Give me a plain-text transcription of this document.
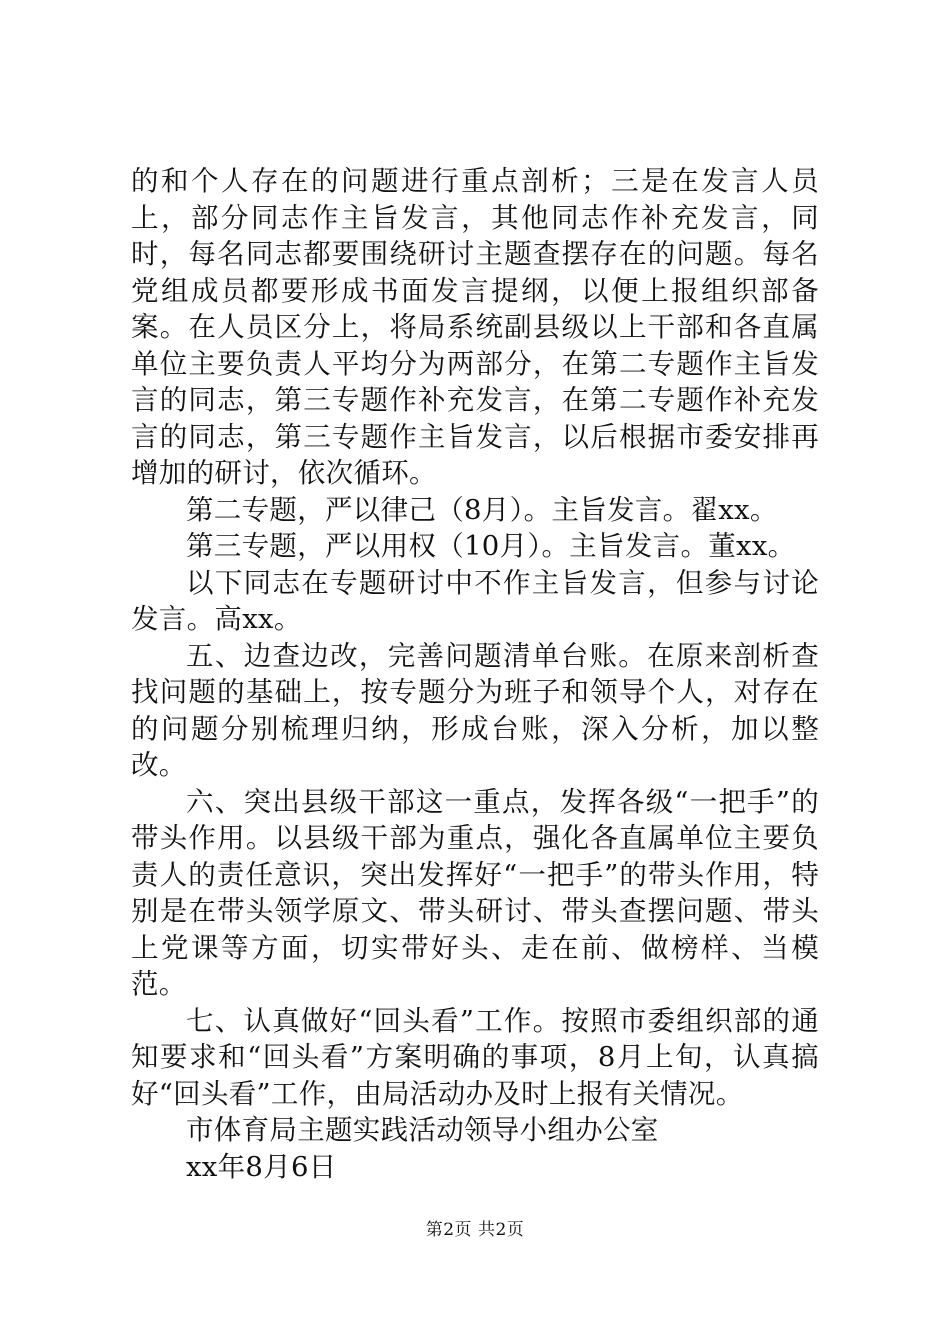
的和个人存在的问题进行重点剖析；三是在发言人员上，部分同志作主旨发言，其他同志作补充发言，同时，每名同志都要围绕研讨主题查摆存在的问题。每名党组成员都要形成书面发言提纲，以便上报组织部备案。在人员区分上，将局系统副县级以上干部和各直属单位主要负责人平均分为两部分，在第二专题作主旨发言的同志，第三专题作补充发言，在第二专题作补充发言的同志，第三专题作主旨发言，以后根据市委安排再增加的研讨，依次循环。

第二专题，严以律己（8月）。主旨发言。翟xx。

第三专题，严以用权（10月）。主旨发言。董xx。

以下同志在专题研讨中不作主旨发言，但参与讨论发言。高xx。

五、边查边改，完善问题清单台账。在原来剖析查找问题的基础上，按专题分为班子和领导个人，对存在的问题分别梳理归纳，形成台账，深入分析，加以整改。

六、突出县级干部这一重点，发挥各级“一把手”的带头作用。以县级干部为重点，强化各直属单位主要负责人的责任意识，突出发挥好“一把手”的带头作用，特别是在带头领学原文、带头研讨、带头查摆问题、带头上党课等方面，切实带好头、走在前、做榜样、当模范。

七、认真做好“回头看”工作。按照市委组织部的通知要求和“回头看”方案明确的事项，8月上旬，认真搞好“回头看”工作，由局活动办及时上报有关情况。

市体育局主题实践活动领导小组办公室

xx年8月6日

第2页 共2页
